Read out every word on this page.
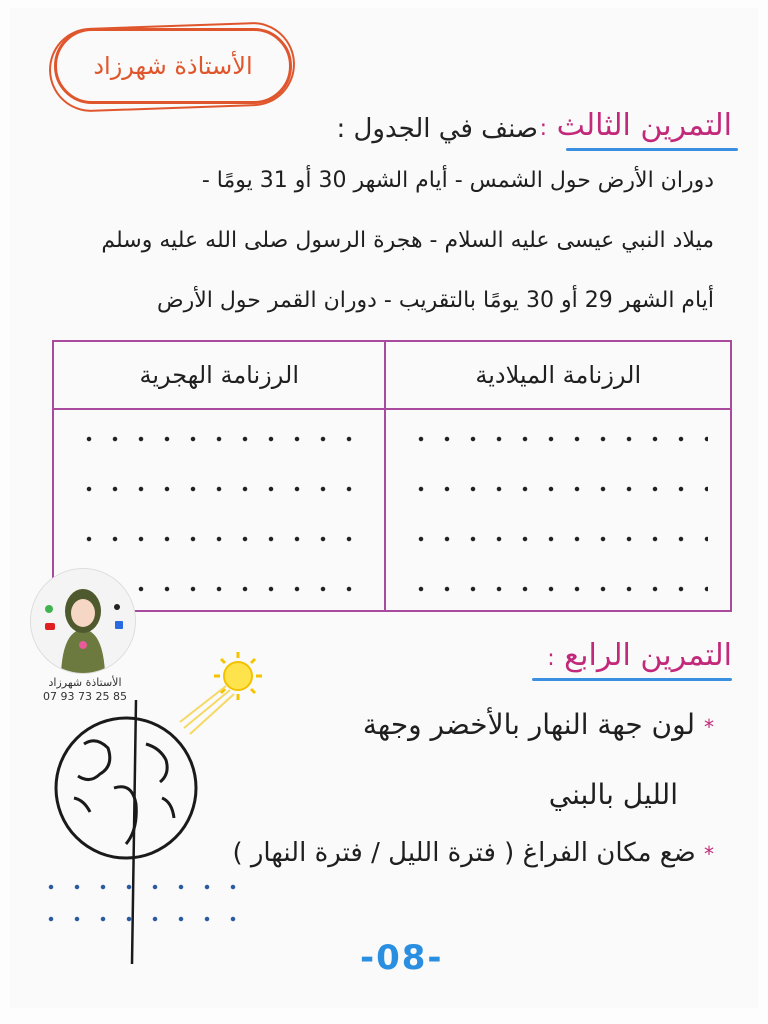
الأستاذة شهرزاد
التمرين الثالث :
صنف في الجدول :
دوران الأرض حول الشمس - أيام الشهر 30 أو 31 يومًا -
ميلاد النبي عيسى عليه السلام - هجرة الرسول صلى الله عليه وسلم
أيام الشهر 29 أو 30 يومًا بالتقريب - دوران القمر حول الأرض
الرزنامة الهجرية	الرزنامة الميلادية

الأستاذة شهرزاد
07 93 73 25 85
التمرين الرابع :
* لون جهة النهار بالأخضر وجهة
الليل بالبني
* ضع مكان الفراغ ( فترة الليل / فترة النهار )
-08-
